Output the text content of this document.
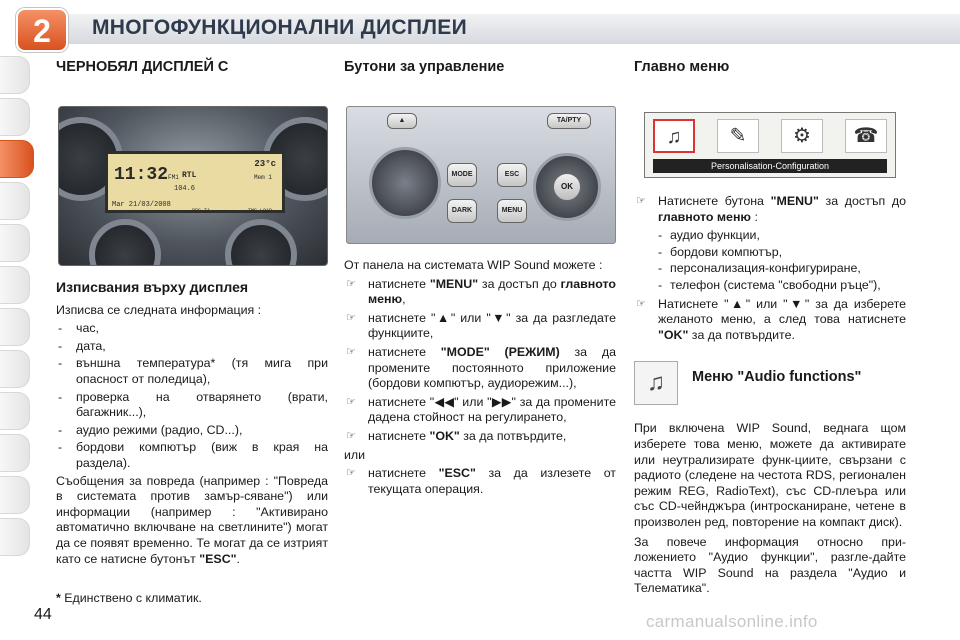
МНОГОФУНКЦИОНАЛНИ ДИСПЛЕИ
2
ЧЕРНОБЯЛ ДИСПЛЕЙ С
23°c
11:32 FM1 RTL	Mem 1
104.6
Mar 21/03/2008
RDS TA	TMC LOAD
Изписвания върху дисплея

Изписва се следната информация :

- час,
- дата,
- външна температура* (тя мига при опасност от поледица),
- проверка на отварянето (врати, багажник...),
- аудио режими (радио, CD...),
- бордови компютър (виж в края на раздела).

Съобщения за повреда (например : "Повреда в системата против замър-сяване") или информации (например : "Активирано автоматично включване на светлините") могат да се появят временно. Те могат да се изтрият като се натисне бутонът "ESC".

Бутони за управление
▲	TA/PTY
MODE
DARK
ESC
MENU
OK

От панела на системата WIP Sound можете :

☞ натиснете "MENU" за достъп до главното меню,
☞ натиснете "▲" или "▼" за да разгледате функциите,
☞ натиснете "MODE" (РЕЖИМ) за да промените постоянното приложение (бордови компютър, аудиорежим...),
☞ натиснете "◀◀" или "▶▶" за да промените дадена стойност на регулирането,
☞ натиснете "OK" за да потвърдите,

или

☞ натиснете "ESC" за да излезете от текущата операция.
Главно меню
♫	✎	⚙	☎
Personalisation-Configuration
☞ Натиснете бутона "MENU" за достъп до главното меню :
- аудио функции,
- бордови компютър,
- персонализация-конфигуриране,
- телефон (система "свободни ръце"),
☞ Натиснете "▲" или "▼" за да изберете желаното меню, а след това натиснете "OK" за да потвърдите.
♫	Меню "Audio functions"

При включена WIP Sound, веднага щом изберете това меню, можете да активирате или неутрализирате функ-циите, свързани с радиото (следене на честота RDS, регионален режим REG, RadioText), със CD-плеъра или със CD-чейнджъра (интросканиране, четене в произволен ред, повторение на компакт диск).

За повече информация относно при-ложението "Аудио функции", разгле-дайте частта WIP Sound на раздела "Аудио и Телематика".

* Единствено с климатик.
44	carmanualsonline.info
